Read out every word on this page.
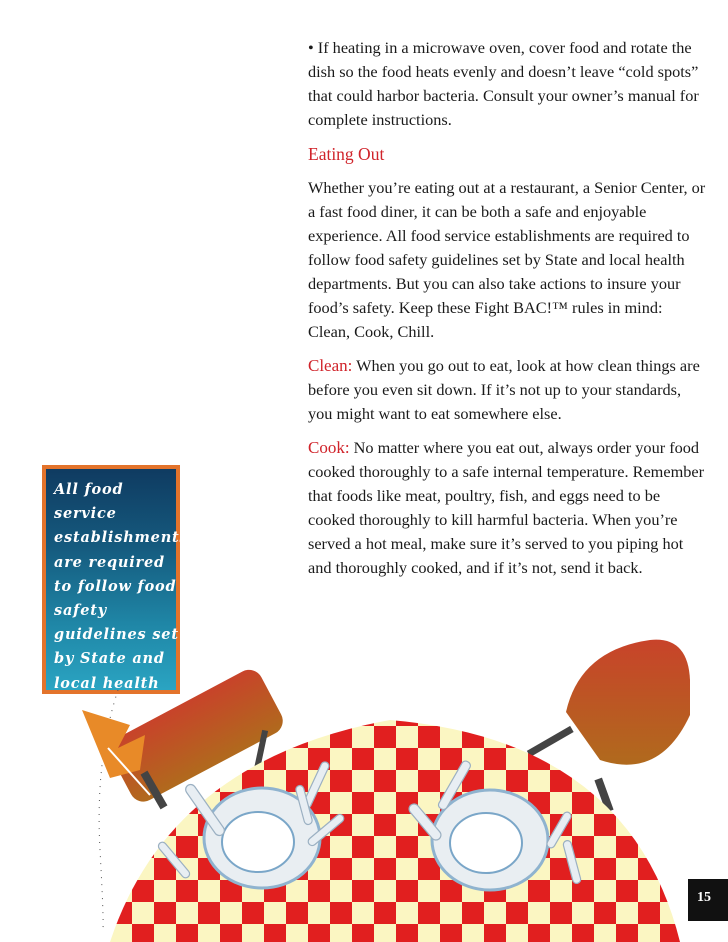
• If heating in a microwave oven, cover food and rotate the dish so the food heats evenly and doesn’t leave “cold spots” that could harbor bacteria. Consult your owner’s manual for complete instructions.

Eating Out

Whether you’re eating out at a restaurant, a Senior Center, or a fast food diner, it can be both a safe and enjoyable experience. All food service establishments are required to follow food safety guidelines set by State and local health departments. But you can also take actions to insure your food’s safety. Keep these Fight BAC!™ rules in mind: Clean, Cook, Chill.

Clean: When you go out to eat, look at how clean things are before you even sit down. If it’s not up to your standards, you might want to eat somewhere else.

Cook: No matter where you eat out, always order your food cooked thoroughly to a safe internal temperature. Remember that foods like meat, poultry, fish, and eggs need to be cooked thoroughly to kill harmful bacteria. When you’re served a hot meal, make sure it’s served to you piping hot and thoroughly cooked, and if it’s not, send it back.

All food service establishments are required to follow food safety guidelines set by State and local health officials.
15
